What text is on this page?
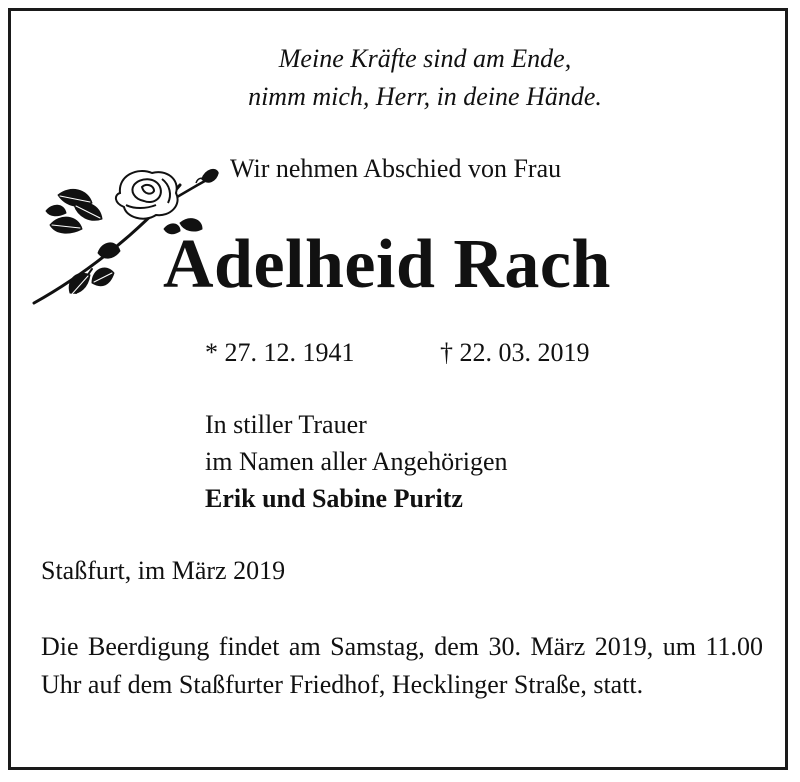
Meine Kräfte sind am Ende,

nimm mich, Herr, in deine Hände.

Wir nehmen Abschied von Frau

Adelheid Rach

* 27. 12. 1941	† 22. 03. 2019

In stiller Trauer

im Namen aller Angehörigen

Erik und Sabine Puritz

Staßfurt, im März 2019

Die Beerdigung findet am Samstag, dem 30. März 2019, um 11.00 Uhr auf dem Staßfurter Friedhof, Hecklinger Straße, statt.
